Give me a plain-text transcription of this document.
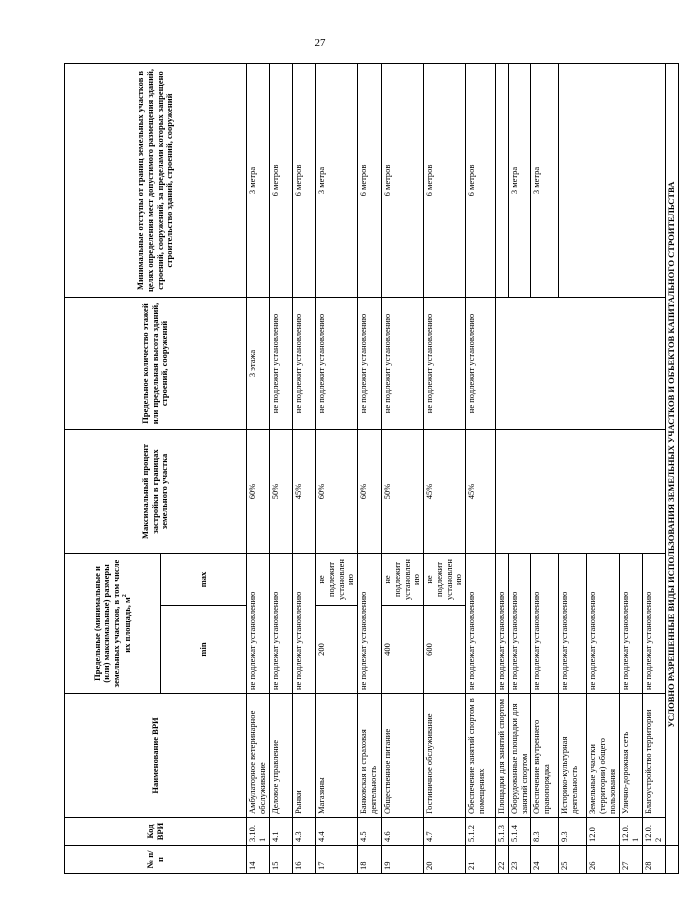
27
№ п/п	Код ВРИ	Наименование ВРИ	Предельные (минимальные и (или) максимальные) размеры земельных участков, в том числе их площадь, $м^2$		Максимальный процент застройки в границах земельного участка	Предельное количество этажей или предельная высота зданий, строений, сооружений	Минимальные отступы от границ земельных участков в целях определения мест допустимого размещения зданий, строений, сооружений, за пределами которых запрещено строительство зданий, строений, сооружений
			min	max			
14	3.10.1	Амбулаторное ветеринарное обслуживание	не подлежат установлению		60%	3 этажа	3 метра
15	4.1	Деловое управление	не подлежат установлению		50%	не подлежит установлению	6 метров
16	4.3	Рынки	не подлежат установлению		45%	не подлежит установлению	6 метров
17	4.4	Магазины	200	не подлежит установлению	60%	не подлежит установлению	3 метра
18	4.5	Банковская и страховая деятельность	не подлежат установлению		60%	не подлежит установлению	6 метров
19	4.6	Общественное питание	400	не подлежит установлению	50%	не подлежит установлению	6 метров
20	4.7	Гостиничное обслуживание	600	не подлежит установлению	45%	не подлежит установлению	6 метров
21	5.1.2	Обеспечение занятий спортом в помещениях	не подлежат установлению		45%	не подлежит установлению	6 метров
22	5.1.3	Площадки для занятий спортом	не подлежат установлению				
23	5.1.4	Оборудованные площадки для занятий спортом	не подлежат установлению				3 метра
24	8.3	Обеспечение внутреннего правопорядка	не подлежат установлению				3 метра
25	9.3	Историко-культурная деятельность	не подлежат установлению				
26	12.0	Земельные участки (территории) общего пользования	не подлежат установлению				
27	12.0.1	Улично-дорожная сеть	не подлежат установлению				
28	12.0.2	Благоустройство территории	не подлежат установлению				
	УСЛОВНО РАЗРЕШЕННЫЕ ВИДЫ ИСПОЛЬЗОВАНИЯ ЗЕМЕЛЬНЫХ УЧАСТКОВ И ОБЪЕКТОВ КАПИТАЛЬНОГО СТРОИТЕЛЬСТВА						
